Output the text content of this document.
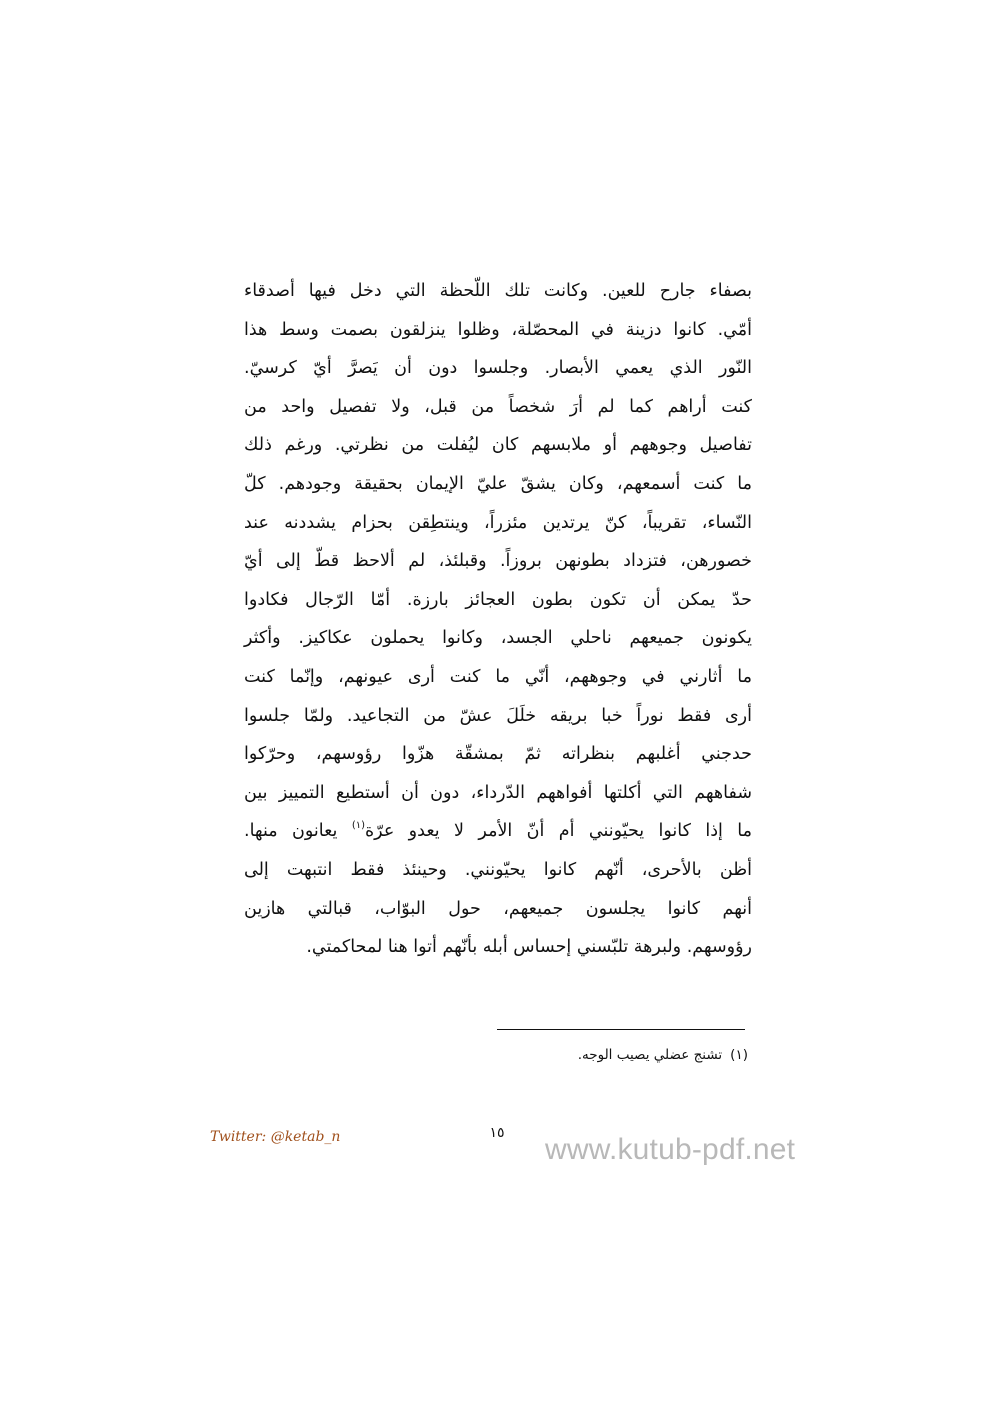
بصفاء جارح للعين. وكانت تلك اللّحظة التي دخل فيها أصدقاء
أمّي. كانوا دزينة في المحصّلة، وظلوا ينزلقون بصمت وسط هذا
النّور الذي يعمي الأبصار. وجلسوا دون أن يَصرَّ أيّ كرسيّ.
كنت أراهم كما لم أرَ شخصاً من قبل، ولا تفصيل واحد من
تفاصيل وجوههم أو ملابسهم كان ليُفلت من نظرتي. ورغم ذلك
ما كنت أسمعهم، وكان يشقّ عليّ الإيمان بحقيقة وجودهم. كلّ
النّساء، تقريباً، كنّ يرتدين مئزراً، وينتطِقن بحزام يشددنه عند
خصورهن، فتزداد بطونهن بروزاً. وقبلئذ، لم ألاحظ قطّ إلى أيّ
حدّ يمكن أن تكون بطون العجائز بارزة. أمّا الرّجال فكادوا
يكونون جميعهم ناحلي الجسد، وكانوا يحملون عكاكيز. وأكثر
ما أثارني في وجوههم، أنّي ما كنت أرى عيونهم، وإنّما كنت
أرى فقط نوراً خبا بريقه خلَلَ عشّ من التجاعيد. ولمّا جلسوا
حدجني أغلبهم بنظراته ثمّ بمشقّة هزّوا رؤوسهم، وحرّكوا
شفاههم التي أكلتها أفواههم الدّرداء، دون أن أستطيع التمييز بين
ما إذا كانوا يحيّونني أم أنّ الأمر لا يعدو عرّة$^{(١)}$ يعانون منها.
أظن بالأحرى، أنّهم كانوا يحيّونني. وحينئذ فقط انتبهت إلى
أنهم كانوا يجلسون جميعهم، حول البوّاب، قبالتي هازين
رؤوسهم. ولبرهة تلبّسني إحساس أبله بأنّهم أتوا هنا لمحاكمتي.
(١)تشنج عضلي يصيب الوجه.
Twitter: @ketab_n	١٥ www.kutub-pdf.net
